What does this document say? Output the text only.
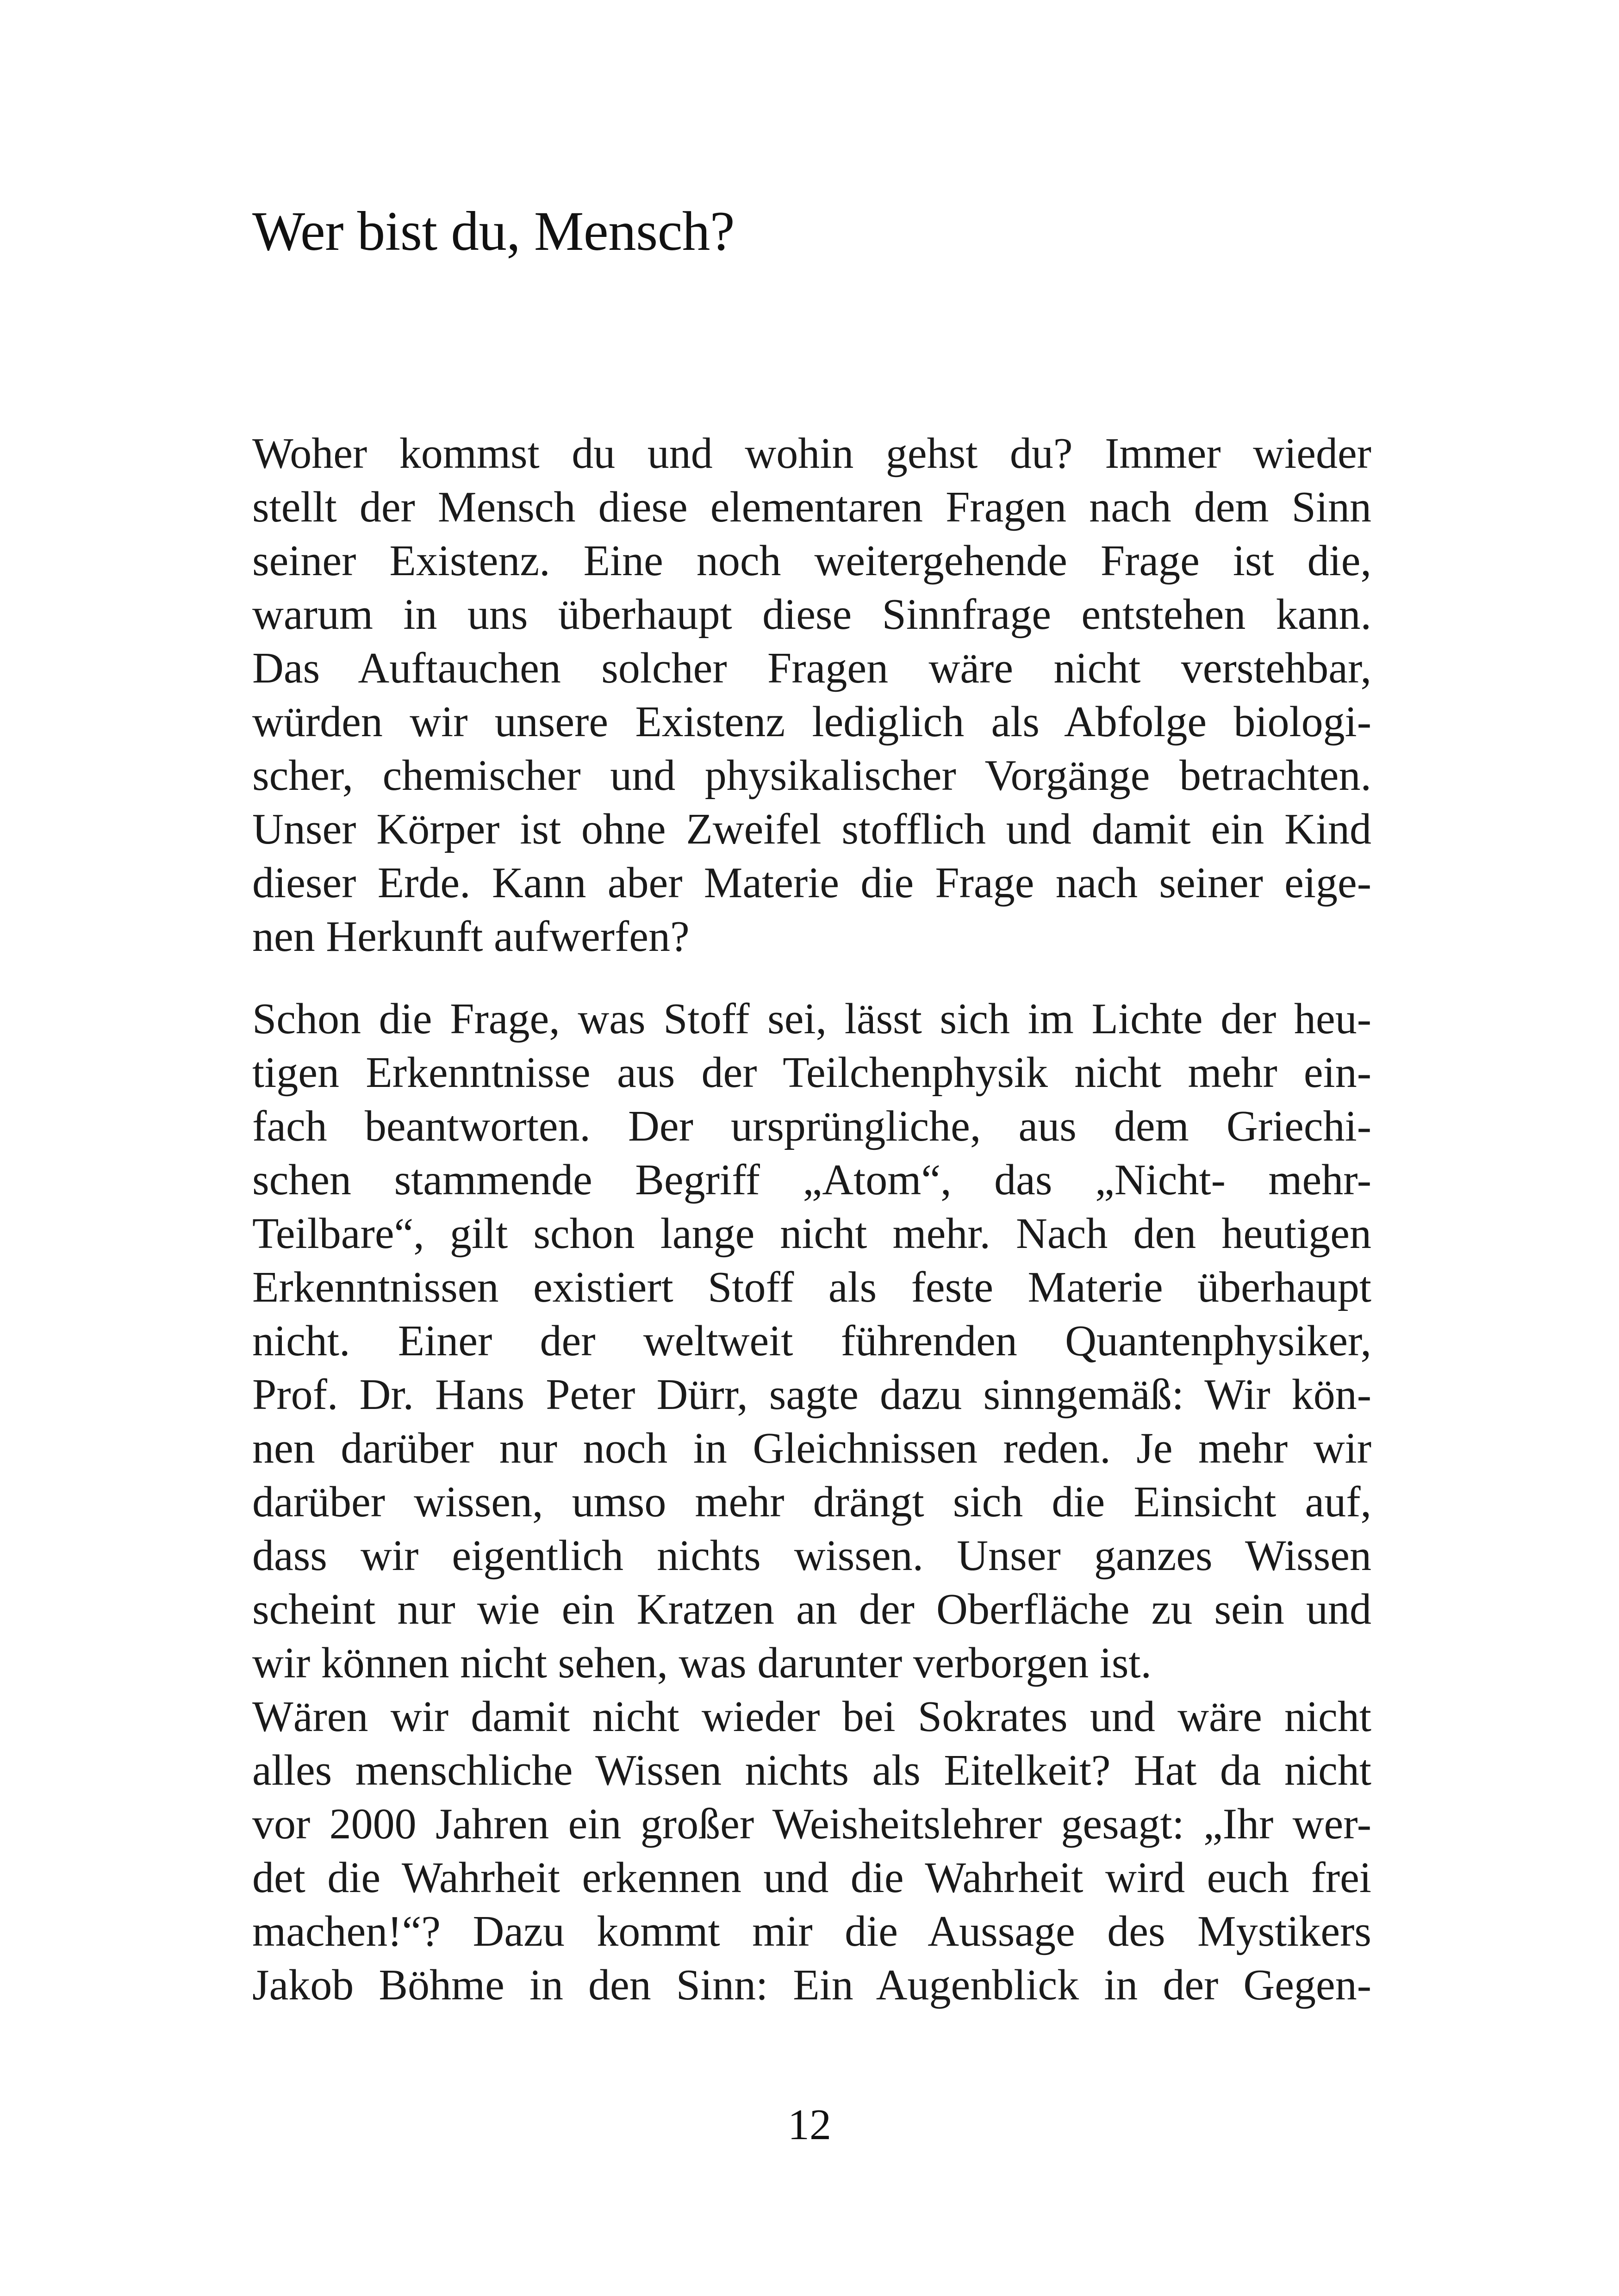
Wer bist du, Mensch?
Woher kommst du und wohin gehst du? Immer wieder
stellt der Mensch diese elementaren Fragen nach dem Sinn
seiner Existenz. Eine noch weitergehende Frage ist die,
warum in uns überhaupt diese Sinnfrage entstehen kann.
Das Auftauchen solcher Fragen wäre nicht verstehbar,
würden wir unsere Existenz lediglich als Abfolge biologi-
scher, chemischer und physikalischer Vorgänge betrachten.
Unser Körper ist ohne Zweifel stofflich und damit ein Kind
dieser Erde. Kann aber Materie die Frage nach seiner eige-
nen Herkunft aufwerfen?
Schon die Frage, was Stoff sei, lässt sich im Lichte der heu-
tigen Erkenntnisse aus der Teilchenphysik nicht mehr ein-
fach beantworten. Der ursprüngliche, aus dem Griechi-
schen stammende Begriff „Atom“, das „Nicht- mehr-
Teilbare“, gilt schon lange nicht mehr. Nach den heutigen
Erkenntnissen existiert Stoff als feste Materie überhaupt
nicht. Einer der weltweit führenden Quantenphysiker,
Prof. Dr. Hans Peter Dürr, sagte dazu sinngemäß: Wir kön-
nen darüber nur noch in Gleichnissen reden. Je mehr wir
darüber wissen, umso mehr drängt sich die Einsicht auf,
dass wir eigentlich nichts wissen. Unser ganzes Wissen
scheint nur wie ein Kratzen an der Oberfläche zu sein und
wir können nicht sehen, was darunter verborgen ist.
Wären wir damit nicht wieder bei Sokrates und wäre nicht
alles menschliche Wissen nichts als Eitelkeit? Hat da nicht
vor 2000 Jahren ein großer Weisheitslehrer gesagt: „Ihr wer-
det die Wahrheit erkennen und die Wahrheit wird euch frei
machen!“? Dazu kommt mir die Aussage des Mystikers
Jakob Böhme in den Sinn: Ein Augenblick in der Gegen-
12
